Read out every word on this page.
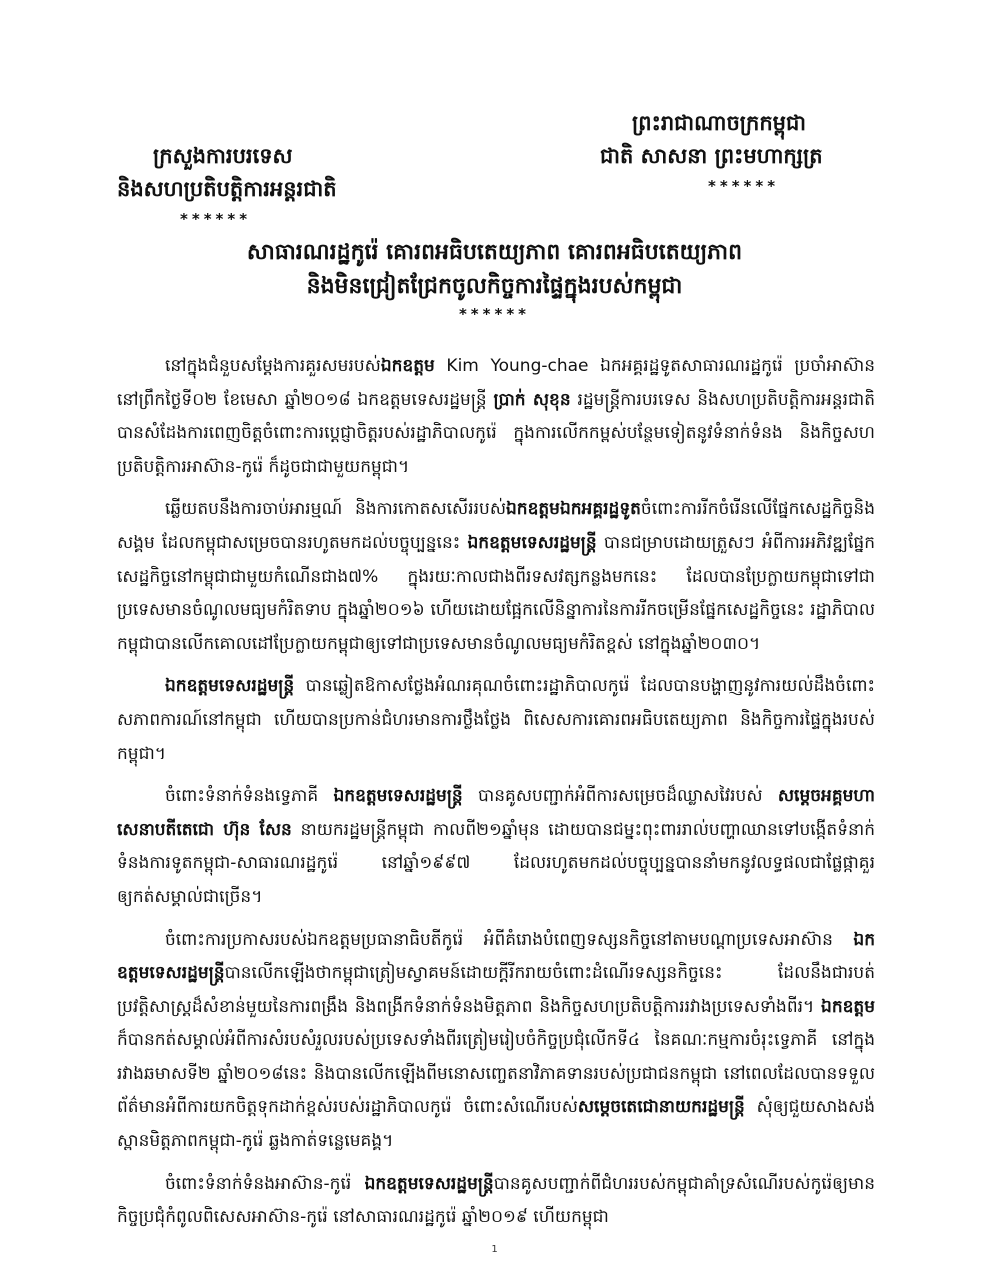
ព្រះរាជាណាចក្រកម្ពុជា
ជាតិ សាសនា ព្រះមហាក្សត្រ
******
ក្រសួងការបរទេស
និងសហប្រតិបត្តិការអន្តរជាតិ
******
សាធារណរដ្ឋកូរ៉េ គោរពអធិបតេយ្យភាព គោរពអធិបតេយ្យភាព
និងមិនជ្រៀតជ្រែកចូលកិច្ចការផ្ទៃក្នុងរបស់កម្ពុជា
******

នៅក្នុងជំនួបសម្តែងការគួរសមរបស់ឯកឧត្តម Kim Young-chae ឯកអគ្គរដ្ឋទូតសាធារណរដ្ឋកូរ៉េ ប្រចាំអាស៊ាន នៅព្រឹកថ្ងៃទី០២ ខែមេសា ឆ្នាំ២០១៨ ឯកឧត្តមទេសរដ្ឋមន្ត្រី ប្រាក់ សុខុន រដ្ឋមន្ត្រីការបរទេស និងសហប្រតិបត្តិការអន្តរជាតិ បានសំដែងការពេញចិត្តចំពោះការប្តេជ្ញាចិត្តរបស់រដ្ឋាភិបាលកូរ៉េ ក្នុងការលើកកម្ពស់បន្ថែមទៀតនូវទំនាក់ទំនង និងកិច្ចសហប្រតិបត្តិការអាស៊ាន-កូរ៉េ ក៏ដូចជាជាមួយកម្ពុជា។

ឆ្លើយតបនឹងការចាប់អារម្មណ៍ និងការកោតសសើររបស់ឯកឧត្តមឯកអគ្គរដ្ឋទូតចំពោះការរីកចំរើនលើផ្នែកសេដ្ឋកិច្ចនិងសង្គម ដែលកម្ពុជាសម្រេចបានរហូតមកដល់បច្ចុប្បន្ននេះ ឯកឧត្តមទេសរដ្ឋមន្ត្រី បានជម្រាបដោយត្រួសៗ អំពីការអភិវឌ្ឍផ្នែកសេដ្ឋកិច្ចនៅកម្ពុជាជាមួយកំណើនជាង៧% ក្នុងរយៈកាលជាងពីរទសវត្សកន្លងមកនេះ ដែលបានប្រែក្លាយកម្ពុជាទៅជាប្រទេសមានចំណូលមធ្យមកំរិតទាប ក្នុងឆ្នាំ២០១៦ ហើយដោយផ្អែកលើនិន្នាការនៃការរីកចម្រើនផ្នែកសេដ្ឋកិច្ចនេះ រដ្ឋាភិបាលកម្ពុជាបានលើកគោលដៅប្រែក្លាយកម្ពុជាឲ្យទៅជាប្រទេសមានចំណូលមធ្យមកំរិតខ្ពស់ នៅក្នុងឆ្នាំ២០៣០។

ឯកឧត្តមទេសរដ្ឋមន្ត្រី បានឆ្លៀតឱកាសថ្លែងអំណរគុណចំពោះរដ្ឋាភិបាលកូរ៉េ ដែលបានបង្ហាញនូវការយល់ដឹងចំពោះសភាពការណ៍នៅកម្ពុជា ហើយបានប្រកាន់ជំហរមានការថ្លឹងថ្លែង ពិសេសការគោរពអធិបតេយ្យភាព និងកិច្ចការផ្ទៃក្នុងរបស់កម្ពុជា។

ចំពោះទំនាក់ទំនងទ្វេភាគី ឯកឧត្តមទេសរដ្ឋមន្ត្រី បានគូសបញ្ជាក់អំពីការសម្រេចដ៏ឈ្លាសវៃរបស់ សម្តេចអគ្គមហាសេនាបតីតេជោ ហ៊ុន សែន នាយករដ្ឋមន្ត្រីកម្ពុជា កាលពី២១ឆ្នាំមុន ដោយបានជម្នះពុះពាររាល់បញ្ហាឈានទៅបង្កើតទំនាក់ទំនងការទូតកម្ពុជា-សាធារណរដ្ឋកូរ៉េ នៅឆ្នាំ១៩៩៧ ដែលរហូតមកដល់បច្ចុប្បន្នបាននាំមកនូវលទ្ធផលជាផ្លែផ្កាគួរឲ្យកត់សម្គាល់ជាច្រើន។

ចំពោះការប្រកាសរបស់ឯកឧត្តមប្រធានាធិបតីកូរ៉េ អំពីគំរោងបំពេញទស្សនកិច្ចនៅតាមបណ្តាប្រទេសអាស៊ាន ឯកឧត្តមទេសរដ្ឋមន្ត្រីបានលើកឡើងថាកម្ពុជាត្រៀមស្វាគមន៍ដោយក្តីរីករាយចំពោះដំណើរទស្សនកិច្ចនេះ ដែលនឹងជារបត់ប្រវត្តិសាស្ត្រដ៏សំខាន់មួយនៃការពង្រឹង និងពង្រីកទំនាក់ទំនងមិត្តភាព និងកិច្ចសហប្រតិបត្តិការរវាងប្រទេសទាំងពីរ។ ឯកឧត្តមក៏បានកត់សម្គាល់អំពីការសំរបសំរួលរបស់ប្រទេសទាំងពីរត្រៀមរៀបចំកិច្ចប្រជុំលើកទី៤ នៃគណៈកម្មការចំរុះទ្វេភាគី នៅក្នុងរវាងឆមាសទី២ ឆ្នាំ២០១៨នេះ និងបានលើកឡើងពីមនោសញ្ចេតនាវិភាគទានរបស់ប្រជាជនកម្ពុជា នៅពេលដែលបានទទួលព័ត៌មានអំពីការយកចិត្តទុកដាក់ខ្ពស់របស់រដ្ឋាភិបាលកូរ៉េ ចំពោះសំណើរបស់សម្តេចតេជោនាយករដ្ឋមន្ត្រី សុំឲ្យជួយសាងសង់ស្ពានមិត្តភាពកម្ពុជា-កូរ៉េ ឆ្លងកាត់ទន្លេមេគង្គ។

ចំពោះទំនាក់ទំនងអាស៊ាន-កូរ៉េ ឯកឧត្តមទេសរដ្ឋមន្ត្រីបានគូសបញ្ជាក់ពីជំហររបស់កម្ពុជាគាំទ្រសំណើរបស់កូរ៉េឲ្យមានកិច្ចប្រជុំកំពូលពិសេសអាស៊ាន-កូរ៉េ នៅសាធារណរដ្ឋកូរ៉េ ឆ្នាំ២០១៩ ហើយកម្ពុជា

1
